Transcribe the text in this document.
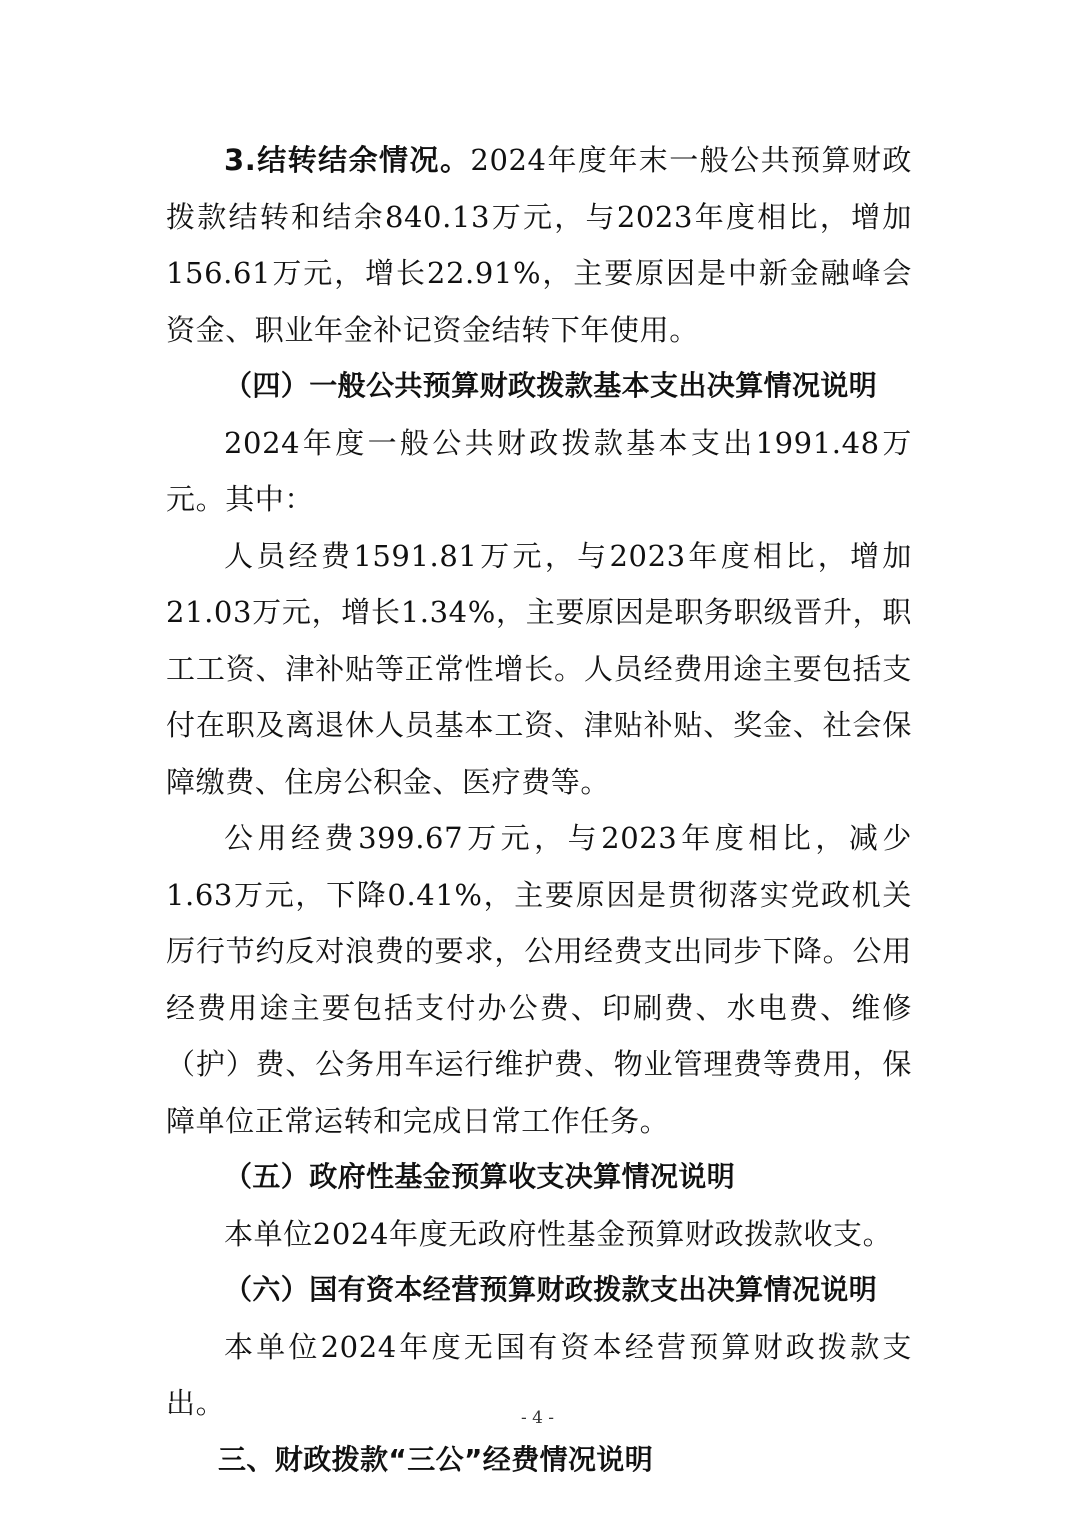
3.结转结余情况。2024年度年末一般公共预算财政拨款结转和结余840.13万元，与2023年度相比，增加156.61万元，增长22.91%，主要原因是中新金融峰会资金、职业年金补记资金结转下年使用。

（四）一般公共预算财政拨款基本支出决算情况说明

2024年度一般公共财政拨款基本支出1991.48万元。其中：

人员经费1591.81万元，与2023年度相比，增加21.03万元，增长1.34%，主要原因是职务职级晋升，职工工资、津补贴等正常性增长。人员经费用途主要包括支付在职及离退休人员基本工资、津贴补贴、奖金、社会保障缴费、住房公积金、医疗费等。

公用经费399.67万元，与2023年度相比，减少1.63万元，下降0.41%，主要原因是贯彻落实党政机关厉行节约反对浪费的要求，公用经费支出同步下降。公用经费用途主要包括支付办公费、印刷费、水电费、维修（护）费、公务用车运行维护费、物业管理费等费用，保障单位正常运转和完成日常工作任务。

（五）政府性基金预算收支决算情况说明

本单位2024年度无政府性基金预算财政拨款收支。

（六）国有资本经营预算财政拨款支出决算情况说明

本单位2024年度无国有资本经营预算财政拨款支出。

三、财政拨款“三公”经费情况说明

- 4 -
